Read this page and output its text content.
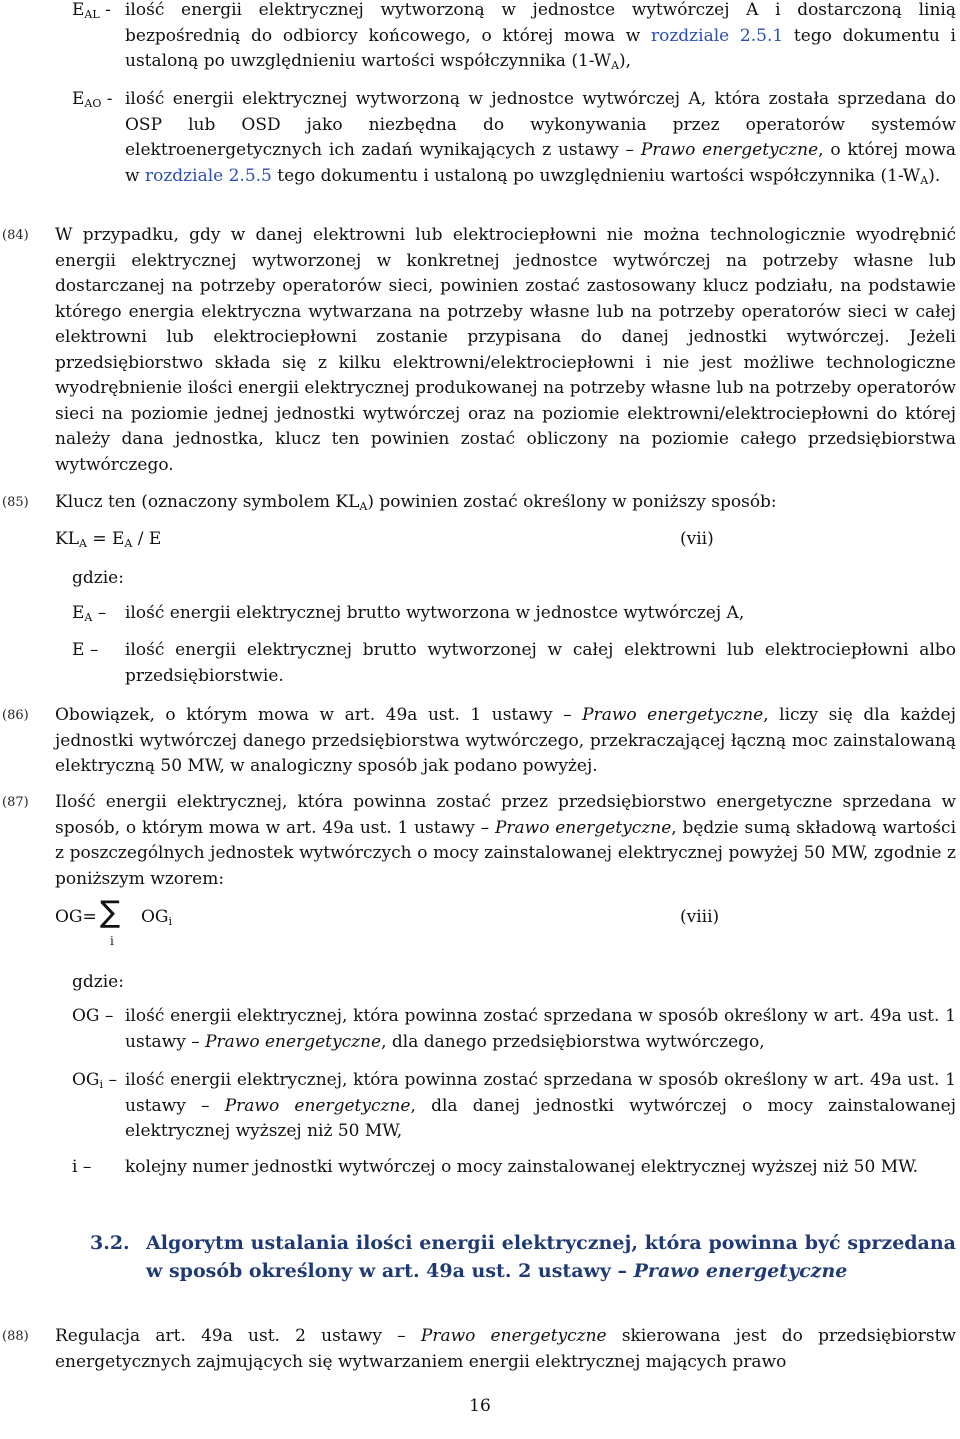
$E_{AL}$ - ilość energii elektrycznej wytworzoną w jednostce wytwórczej A i dostarczoną linią bezpośrednią do odbiorcy końcowego, o której mowa w rozdziale 2.5.1 tego dokumentu i ustaloną po uwzględnieniu wartości współczynnika $(1-W_A)$,
$E_{AO}$ - ilość energii elektrycznej wytworzoną w jednostce wytwórczej A, która została sprzedana do OSP lub OSD jako niezbędna do wykonywania przez operatorów systemów elektroenergetycznych ich zadań wynikających z ustawy – Prawo energetyczne, o której mowa w rozdziale 2.5.5 tego dokumentu i ustaloną po uwzględnieniu wartości współczynnika $(1-W_A)$.
(84) W przypadku, gdy w danej elektrowni lub elektrociepłowni nie można technologicznie wyodrębnić energii elektrycznej wytworzonej w konkretnej jednostce wytwórczej na potrzeby własne lub dostarczanej na potrzeby operatorów sieci, powinien zostać zastosowany klucz podziału, na podstawie którego energia elektryczna wytwarzana na potrzeby własne lub na potrzeby operatorów sieci w całej elektrowni lub elektrociepłowni zostanie przypisana do danej jednostki wytwórczej. Jeżeli przedsiębiorstwo składa się z kilku elektrowni/elektrociepłowni i nie jest możliwe technologiczne wyodrębnienie ilości energii elektrycznej produkowanej na potrzeby własne lub na potrzeby operatorów sieci na poziomie jednej jednostki wytwórczej oraz na poziomie elektrowni/elektrociepłowni do której należy dana jednostka, klucz ten powinien zostać obliczony na poziomie całego przedsiębiorstwa wytwórczego.
(85) Klucz ten (oznaczony symbolem $KL_A$) powinien zostać określony w poniższy sposób:
$KL_A = E_A / E$	(vii)
gdzie:
$E_A$ –	ilość energii elektrycznej brutto wytworzona w jednostce wytwórczej A,
E –	ilość energii elektrycznej brutto wytworzonej w całej elektrowni lub elektrociepłowni albo przedsiębiorstwie.
(86) Obowiązek, o którym mowa w art. 49a ust. 1 ustawy – Prawo energetyczne, liczy się dla każdej jednostki wytwórczej danego przedsiębiorstwa wytwórczego, przekraczającej łączną moc zainstalowaną elektryczną 50 MW, w analogiczny sposób jak podano powyżej.
(87) Ilość energii elektrycznej, która powinna zostać przez przedsiębiorstwo energetyczne sprzedana w sposób, o którym mowa w art. 49a ust. 1 ustawy – Prawo energetyczne, będzie sumą składową wartości z poszczególnych jednostek wytwórczych o mocy zainstalowanej elektrycznej powyżej 50 MW, zgodnie z poniższym wzorem:
OG= ∑
i
$OG_i$	(viii)
gdzie:
OG – ilość energii elektrycznej, która powinna zostać sprzedana w sposób określony w art. 49a ust. 1 ustawy – Prawo energetyczne, dla danego przedsiębiorstwa wytwórczego,
$OG_i$ – ilość energii elektrycznej, która powinna zostać sprzedana w sposób określony w art. 49a ust. 1 ustawy – Prawo energetyczne, dla danej jednostki wytwórczej o mocy zainstalowanej elektrycznej wyższej niż 50 MW,
i –	kolejny numer jednostki wytwórczej o mocy zainstalowanej elektrycznej wyższej niż 50 MW.
3.2. Algorytm ustalania ilości energii elektrycznej, która powinna być sprzedana w sposób określony w art. 49a ust. 2 ustawy – Prawo energetyczne
(88) Regulacja art. 49a ust. 2 ustawy – Prawo energetyczne skierowana jest do przedsiębiorstw energetycznych zajmujących się wytwarzaniem energii elektrycznej mających prawo
16
